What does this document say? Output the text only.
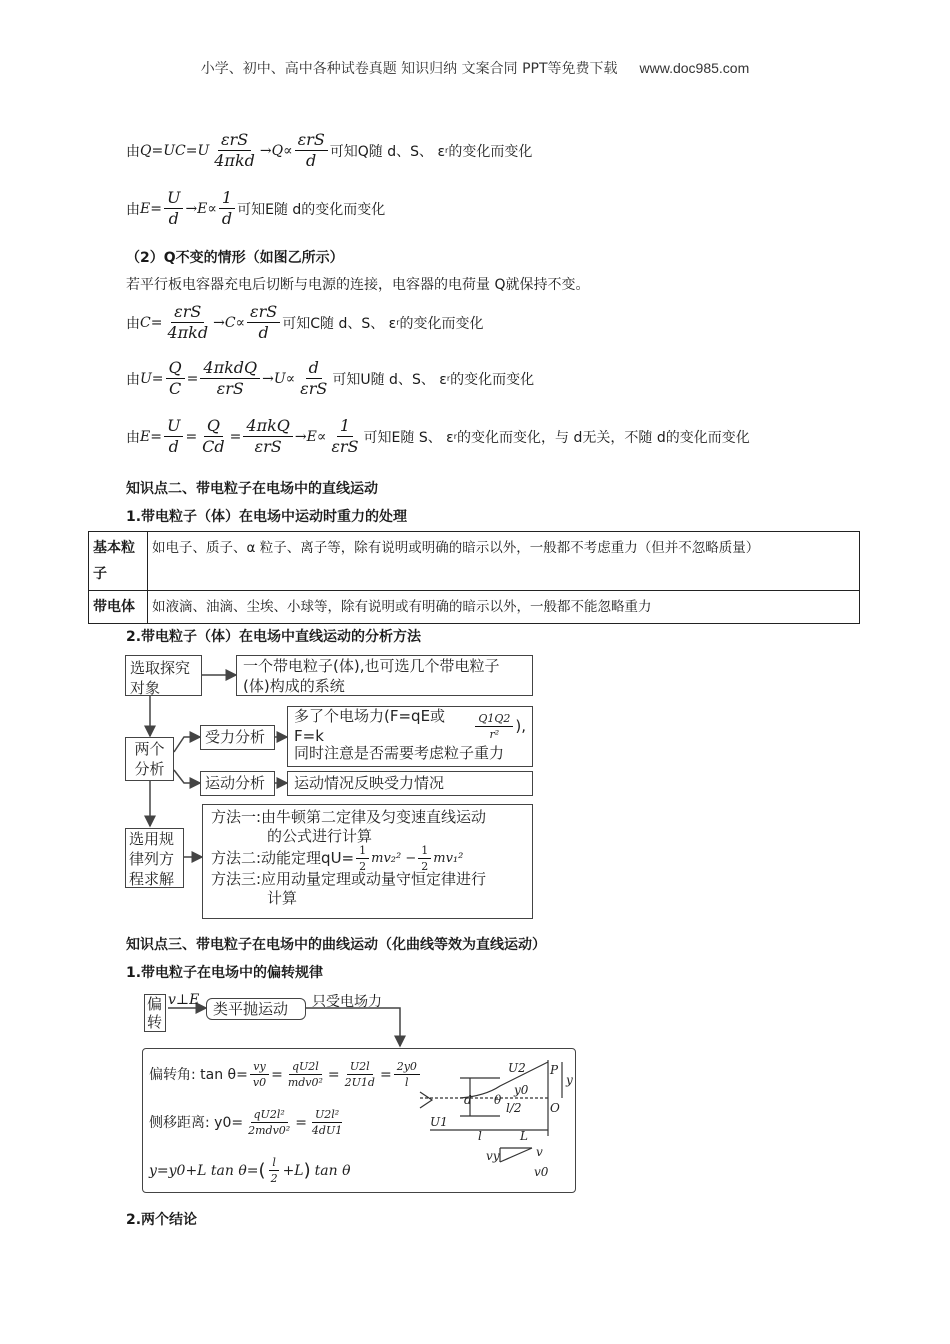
小学、初中、高中各种试卷真题 知识归纳 文案合同 PPT等免费下载 www.doc985.com
由 $Q=UC=U \frac{\text{εrS}}{\text{4πkd}} \to Q\propto \frac{\text{εrS}}{d}$ 可知Q随 d、S、 ε r 的变化而变化
由 $E= \frac{U}{d} \to E\propto \frac{1}{d}$ 可知E随 d的变化而变化
（2）Q不变的情形（如图乙所示）
若平行板电容器充电后切断与电源的连接，电容器的电荷量 Q就保持不变。
由 $C= \frac{\text{εrS}}{\text{4πkd}} \to C\propto \frac{\text{εrS}}{d}$ 可知C随 d、S、 ε r 的变化而变化
由 $U= \frac{Q}{C} = \frac{\text{4πkdQ}}{\text{εrS}} \to U\propto \frac{d}{\text{εrS}}$ 可知U随 d、S、 ε r 的变化而变化
由 $E= \frac{U}{d} = \frac{Q}{Cd} = \frac{\text{4πkQ}}{\text{εrS}} \to E\propto \frac{1}{\text{εrS}}$ 可知E随 S、 ε r 的变化而变化，与 d无关，不随 d的变化而变化
知识点二、带电粒子在电场中的直线运动
1.带电粒子（体）在电场中运动时重力的处理
基本粒子	如电子、质子、α 粒子、离子等，除有说明或明确的暗示以外，一般都不考虑重力（但并不忽略质量）
带电体	如液滴、油滴、尘埃、小球等，除有说明或有明确的暗示以外，一般都不能忽略重力
2.带电粒子（体）在电场中直线运动的分析方法
选取探究对象
一个带电粒子(体),也可选几个带电粒子(体)构成的系统
两个分析
受力分析
多了个电场力(F=qE或F=k	$\frac{Q1Q2}{\text{r²}}$ ),
同时注意是否需要考虑粒子重力
运动分析	运动情况反映受力情况
选用规律列方程求解
方法一:由牛顿第二定律及匀变速直线运动
的公式进行计算
方法二:动能定理$qU= \frac{1}{2} mv_2^2 - \frac{1}{2} mv_1^2$
方法三:应用动量定理或动量守恒定律进行
计算
知识点三、带电粒子在电场中的曲线运动（化曲线等效为直线运动）
1.带电粒子在电场中的偏转规律
偏转
v⊥E 类平抛运动	只受电场力
偏转角: $\tan \theta= \frac{vy}{v0} = \frac{qU2l}{\text{mdv0²}} = \frac{U2l}{2U1d} = \frac{2y0}{l}$
侧移距离: $y0= \frac{\text{qU2l²}}{\text{2mdv0²}} = \frac{\text{U2l²}}{4dU1}$
y=y0+L tan θ= ( $\frac{l}{2} +L$ ) tan θ
U2 P
y
O
d
y0
θ
l/2
U1
l	L
vy	v
v0
2.两个结论
